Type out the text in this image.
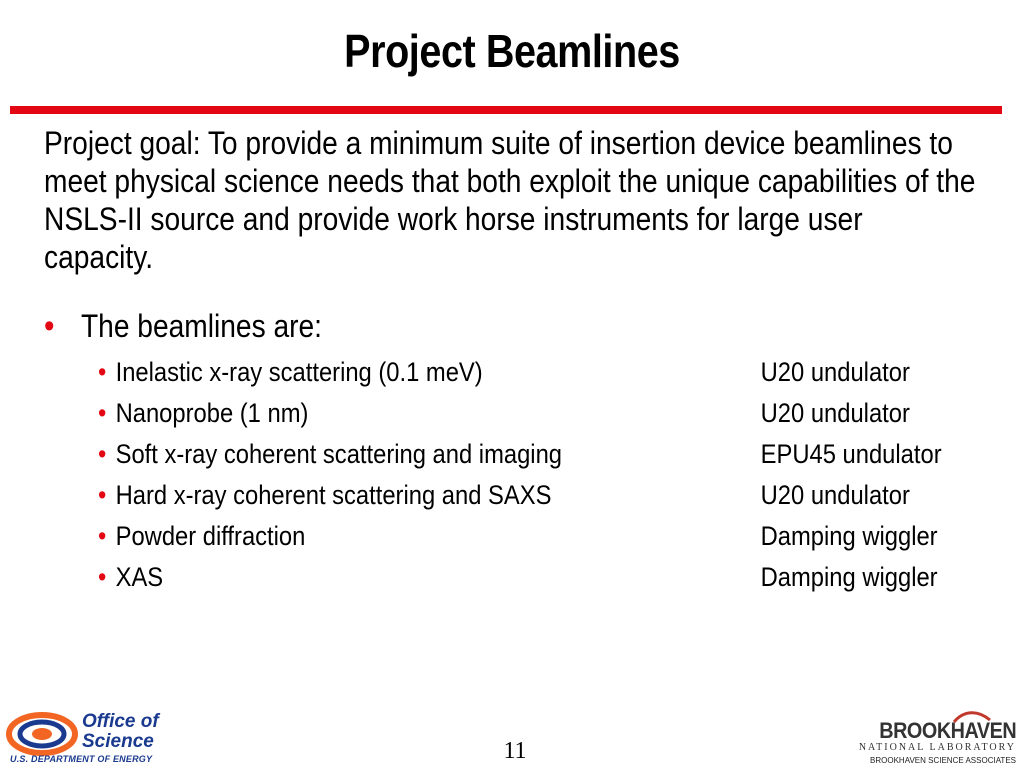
Project Beamlines
Project goal: To provide a minimum suite of insertion device beamlines to meet physical science needs that both exploit the unique capabilities of the NSLS-II source and provide work horse instruments for large user capacity.
• The beamlines are:
• Inelastic x-ray scattering (0.1 meV)	U20 undulator
• Nanoprobe (1 nm)	U20 undulator
• Soft x-ray coherent scattering and imaging	EPU45 undulator
• Hard x-ray coherent scattering and SAXS	U20 undulator
• Powder diffraction	Damping wiggler
• XAS	Damping wiggler
Office of
Science
U.S. DEPARTMENT OF ENERGY	11
BROOKHAVEN
NATIONAL LABORATORY
BROOKHAVEN SCIENCE ASSOCIATES
